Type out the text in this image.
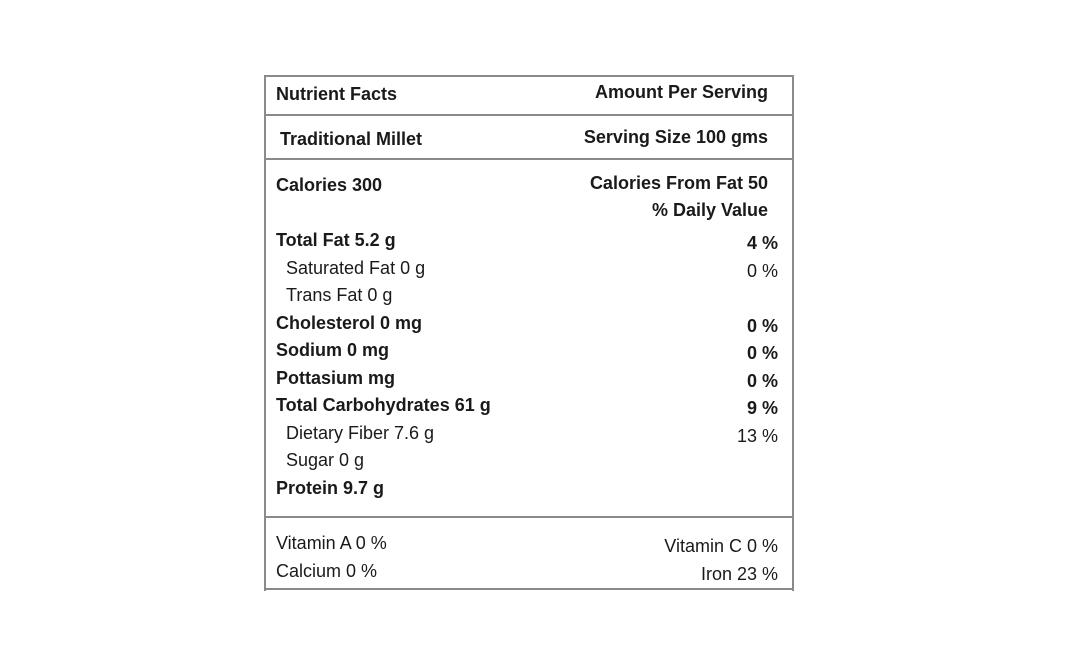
Nutrient Facts	Amount Per Serving
Traditional Millet	Serving Size 100 gms
Calories 300	Calories From Fat 50
% Daily Value
Total Fat 5.2 g	4 %
Saturated Fat 0 g	0 %
Trans Fat 0 g
Cholesterol 0 mg	0 %
Sodium 0 mg	0 %
Pottasium mg	0 %
Total Carbohydrates 61 g	9 %
Dietary Fiber 7.6 g	13 %
Sugar 0 g
Protein 9.7 g
Vitamin A 0 %	Vitamin C 0 %
Calcium 0 %	Iron 23 %
